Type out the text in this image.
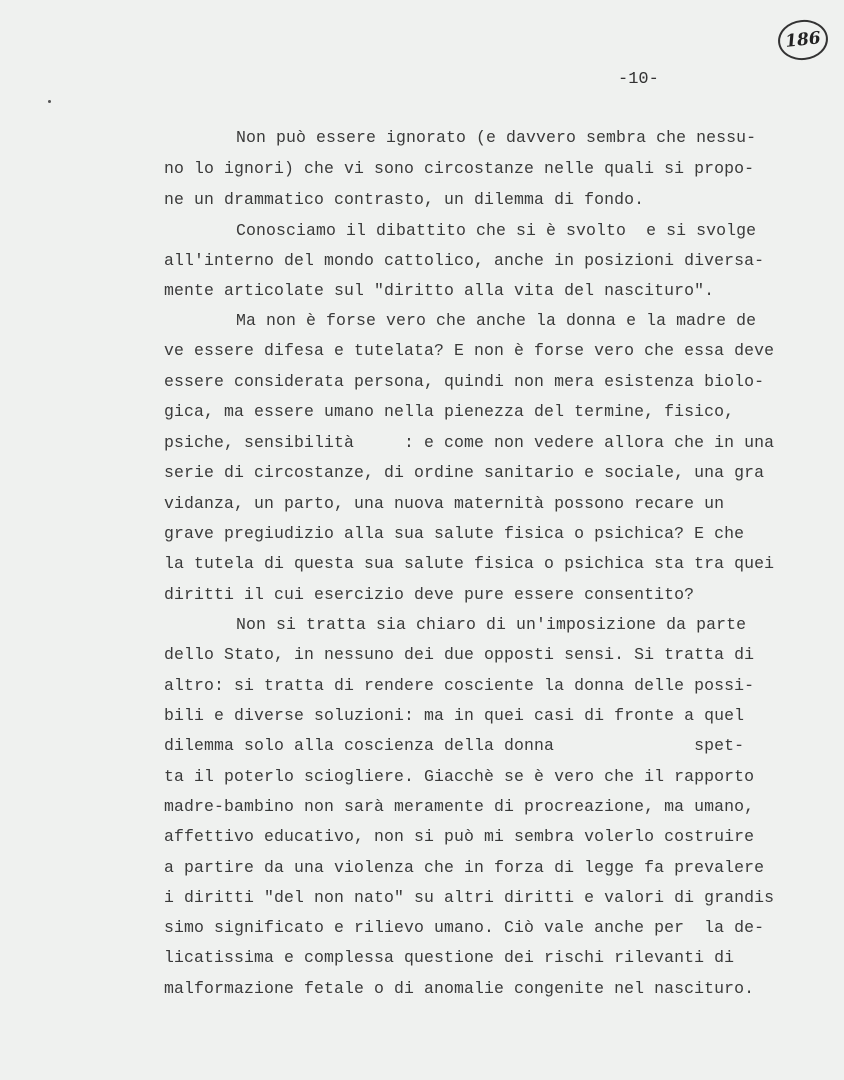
186
-10-
Non può essere ignorato (e davvero sembra che nessu-
no lo ignori) che vi sono circostanze nelle quali si propo-
ne un drammatico contrasto, un dilemma di fondo.
Conosciamo il dibattito che si è svolto  e si svolge
all'interno del mondo cattolico, anche in posizioni diversa-
mente articolate sul "diritto alla vita del nascituro".
Ma non è forse vero che anche la donna e la madre de
ve essere difesa e tutelata? E non è forse vero che essa deve
essere considerata persona, quindi non mera esistenza biolo-
gica, ma essere umano nella pienezza del termine, fisico,
psiche, sensibilità     : e come non vedere allora che in una
serie di circostanze, di ordine sanitario e sociale, una gra
vidanza, un parto, una nuova maternità possono recare un
grave pregiudizio alla sua salute fisica o psichica? E che
la tutela di questa sua salute fisica o psichica sta tra quei
diritti il cui esercizio deve pure essere consentito?
Non si tratta sia chiaro di un'imposizione da parte
dello Stato, in nessuno dei due opposti sensi. Si tratta di
altro: si tratta di rendere cosciente la donna delle possi-
bili e diverse soluzioni: ma in quei casi di fronte a quel
dilemma solo alla coscienza della donna              spet-
ta il poterlo sciogliere. Giacchè se è vero che il rapporto
madre-bambino non sarà meramente di procreazione, ma umano,
affettivo educativo, non si può mi sembra volerlo costruire
a partire da una violenza che in forza di legge fa prevalere
i diritti "del non nato" su altri diritti e valori di grandis
simo significato e rilievo umano. Ciò vale anche per  la de-
licatissima e complessa questione dei rischi rilevanti di
malformazione fetale o di anomalie congenite nel nascituro.
